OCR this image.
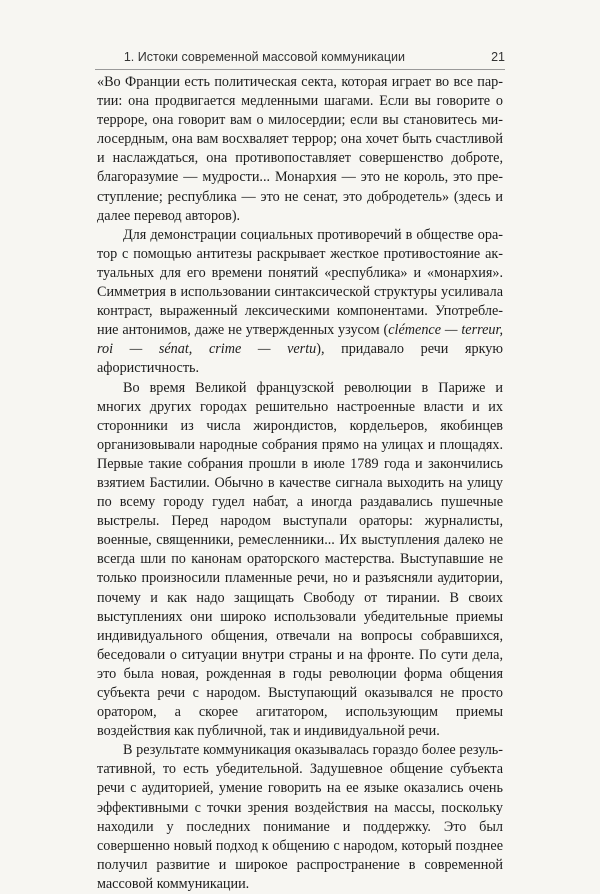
1. Истоки современной массовой коммуникации	21

«Во Франции есть политическая секта, которая играет во все партии: она продвигается медленными шагами. Если вы говорите о терроре, она говорит вам о милосердии; если вы становитесь милосердным, она вам восхваляет террор; она хочет быть счастливой и наслаждаться, она противопоставляет совершенство доброте, благоразумие — мудрости... Монархия — это не король, это преступление; республика — это не сенат, это добродетель» (здесь и далее перевод авторов).

Для демонстрации социальных противоречий в обществе оратор с помощью антитезы раскрывает жесткое противостояние актуальных для его времени понятий «республика» и «монархия». Симметрия в использовании синтаксической структуры усиливала контраст, выраженный лексическими компонентами. Употребление антонимов, даже не утвержденных узусом (clémence — terreur, roi — sénat, crime — vertu), придавало речи яркую афористичность.

Во время Великой французской революции в Париже и многих других городах решительно настроенные власти и их сторонники из числа жирондистов, кордельеров, якобинцев организовывали народные собрания прямо на улицах и площадях. Первые такие собрания прошли в июле 1789 года и закончились взятием Бастилии. Обычно в качестве сигнала выходить на улицу по всему городу гудел набат, а иногда раздавались пушечные выстрелы. Перед народом выступали ораторы: журналисты, военные, священники, ремесленники... Их выступления далеко не всегда шли по канонам ораторского мастерства. Выступавшие не только произносили пламенные речи, но и разъясняли аудитории, почему и как надо защищать Свободу от тирании. В своих выступлениях они широко использовали убедительные приемы индивидуального общения, отвечали на вопросы собравшихся, беседовали о ситуации внутри страны и на фронте. По сути дела, это была новая, рожденная в годы революции форма общения субъекта речи с народом. Выступающий оказывался не просто оратором, а скорее агитатором, использующим приемы воздействия как публичной, так и индивидуальной речи.

В результате коммуникация оказывалась гораздо более результативной, то есть убедительной. Задушевное общение субъекта речи с аудиторией, умение говорить на ее языке оказались очень эффективными с точки зрения воздействия на массы, поскольку находили у последних понимание и поддержку. Это был совершенно новый подход к общению с народом, который позднее получил развитие и широкое распространение в современной массовой коммуникации.
